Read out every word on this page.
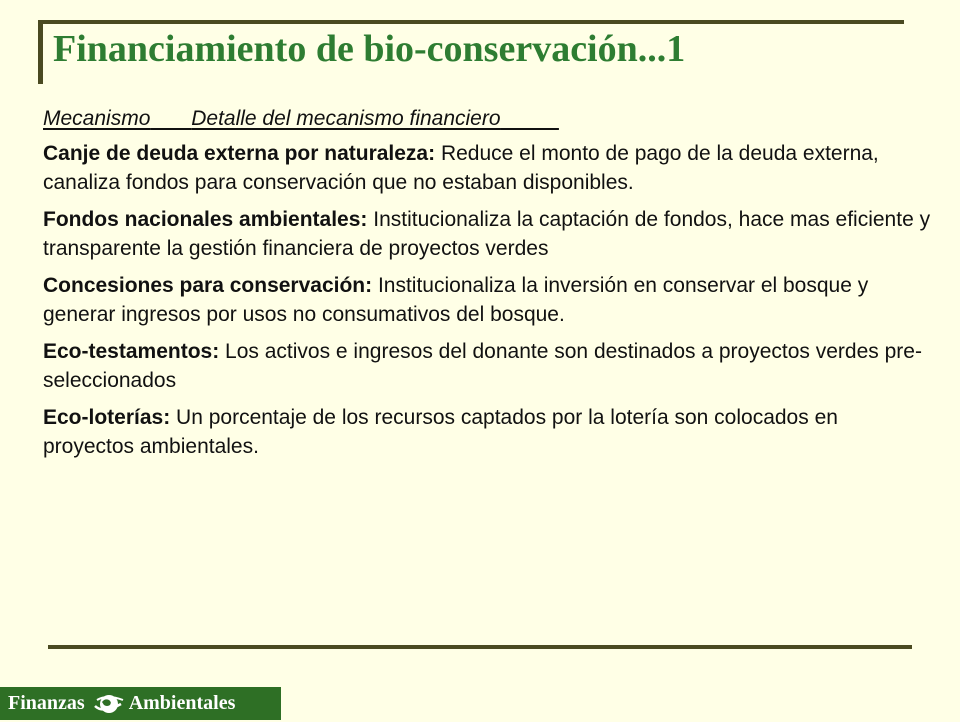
Financiamiento de bio-conservación...1
Mecanismo Detalle del mecanismo financiero

Canje de deuda externa por naturaleza: Reduce el monto de pago de la deuda externa, canaliza fondos para conservación que no estaban disponibles.

Fondos nacionales ambientales: Institucionaliza la captación de fondos, hace mas eficiente y transparente la gestión financiera de proyectos verdes

Concesiones para conservación: Institucionaliza la inversión en conservar el bosque y generar ingresos por usos no consumativos del bosque.

Eco-testamentos: Los activos e ingresos del donante son destinados a proyectos verdes pre-seleccionados

Eco-loterías: Un porcentaje de los recursos captados por la lotería son colocados en proyectos ambientales.

Finanzas Ambientales
